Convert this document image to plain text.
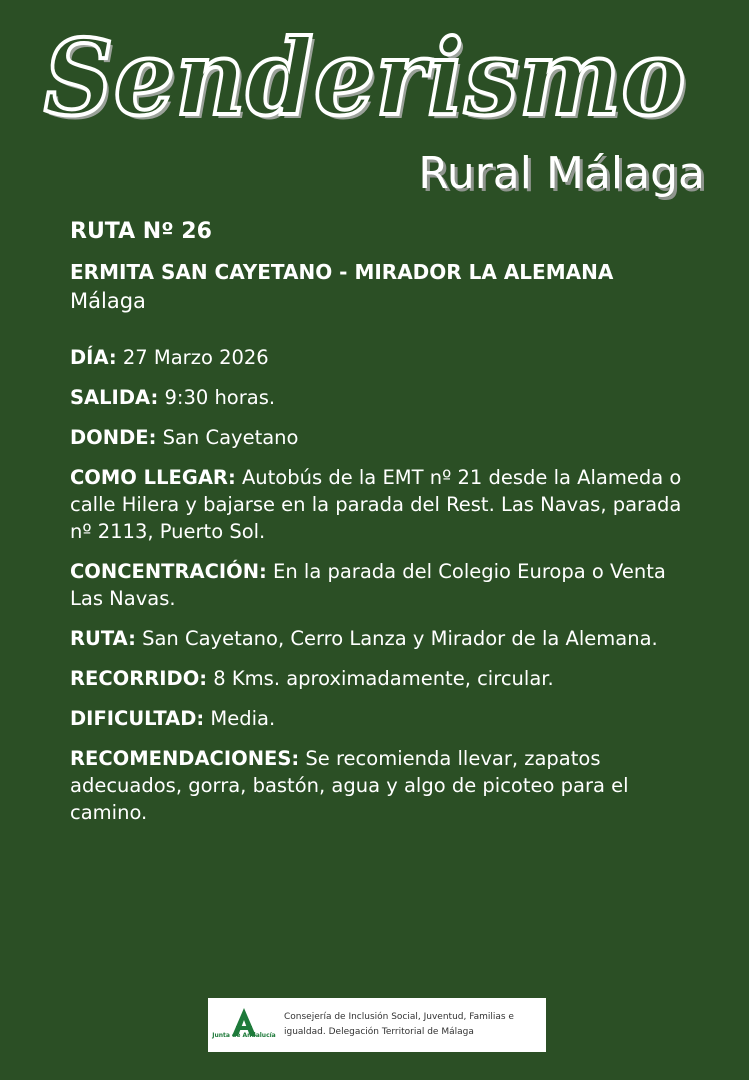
Senderismo
Rural Málaga

RUTA Nº 26

ERMITA SAN CAYETANO - MIRADOR LA ALEMANA

Málaga

DÍA: 27 Marzo 2026

SALIDA: 9:30 horas.

DONDE: San Cayetano

COMO LLEGAR: Autobús de la EMT nº 21 desde la Alameda o calle Hilera y bajarse en la parada del Rest. Las Navas, parada nº 2113, Puerto Sol.

CONCENTRACIÓN: En la parada del Colegio Europa o Venta Las Navas.

RUTA: San Cayetano, Cerro Lanza y Mirador de la Alemana.

RECORRIDO: 8 Kms. aproximadamente, circular.

DIFICULTAD: Media.

RECOMENDACIONES: Se recomienda llevar, zapatos adecuados, gorra, bastón, agua y algo de picoteo para el camino.

Junta de Andalucía
Consejería de Inclusión Social, Juventud, Familias e igualdad. Delegación Territorial de Málaga
